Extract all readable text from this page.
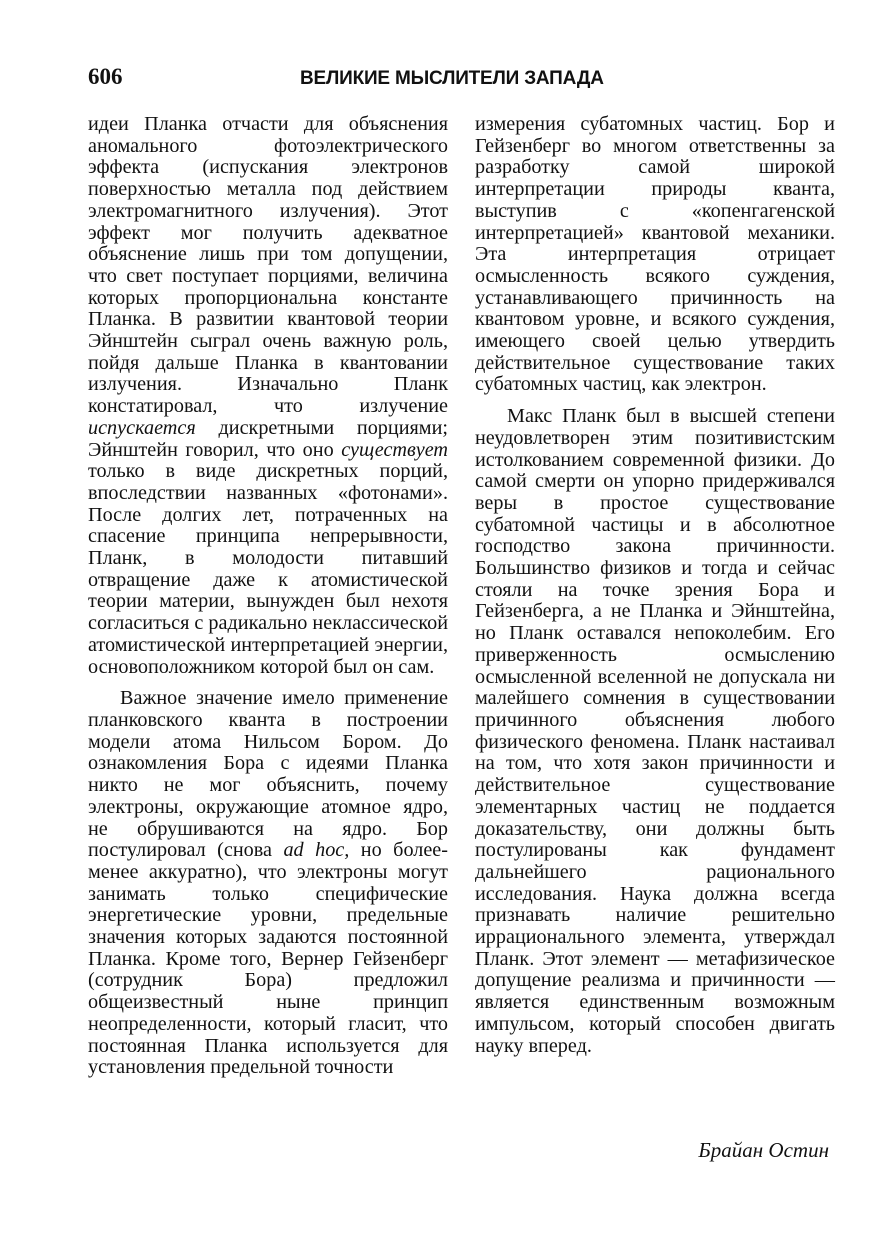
606	ВЕЛИКИЕ МЫСЛИТЕЛИ ЗАПАДА

идеи Планка отчасти для объяснения аномального фотоэлектрического эффекта (испускания электронов поверхностью металла под действием электромагнитного излучения). Этот эффект мог получить адекватное объяснение лишь при том допущении, что свет поступает порциями, величина которых пропорциональна константе Планка. В развитии квантовой теории Эйнштейн сыграл очень важную роль, пойдя дальше Планка в квантовании излучения. Изначально Планк констатировал, что излучение испускается дискретными порциями; Эйнштейн говорил, что оно существует только в виде дискретных порций, впоследствии названных «фотонами». После долгих лет, потраченных на спасение принципа непрерывности, Планк, в молодости питавший отвращение даже к атомистической теории материи, вынужден был нехотя согласиться с радикально неклассической атомистической интерпретацией энергии, основоположником которой был он сам.

Важное значение имело применение планковского кванта в построении модели атома Нильсом Бором. До ознакомления Бора с идеями Планка никто не мог объяснить, почему электроны, окружающие атомное ядро, не обрушиваются на ядро. Бор постулировал (снова ad hoc, но более-менее аккуратно), что электроны могут занимать только специфические энергетические уровни, предельные значения которых задаются постоянной Планка. Кроме того, Вернер Гейзенберг (сотрудник Бора) предложил общеизвестный ныне принцип неопределенности, который гласит, что постоянная Планка используется для установления предельной точности

измерения субатомных частиц. Бор и Гейзенберг во многом ответственны за разработку самой широкой интерпретации природы кванта, выступив с «копенгагенской интерпретацией» квантовой механики. Эта интерпретация отрицает осмысленность всякого суждения, устанавливающего причинность на квантовом уровне, и всякого суждения, имеющего своей целью утвердить действительное существование таких субатомных частиц, как электрон.

Макс Планк был в высшей степени неудовлетворен этим позитивистским истолкованием современной физики. До самой смерти он упорно придерживался веры в простое существование субатомной частицы и в абсолютное господство закона причинности. Большинство физиков и тогда и сейчас стояли на точке зрения Бора и Гейзенберга, а не Планка и Эйнштейна, но Планк оставался непоколебим. Его приверженность осмыслению осмысленной вселенной не допускала ни малейшего сомнения в существовании причинного объяснения любого физического феномена. Планк настаивал на том, что хотя закон причинности и действительное существование элементарных частиц не поддается доказательству, они должны быть постулированы как фундамент дальнейшего рационального исследования. Наука должна всегда признавать наличие решительно иррационального элемента, утверждал Планк. Этот элемент — метафизическое допущение реализма и причинности — является единственным возможным импульсом, который способен двигать науку вперед.

Брайан Остин
